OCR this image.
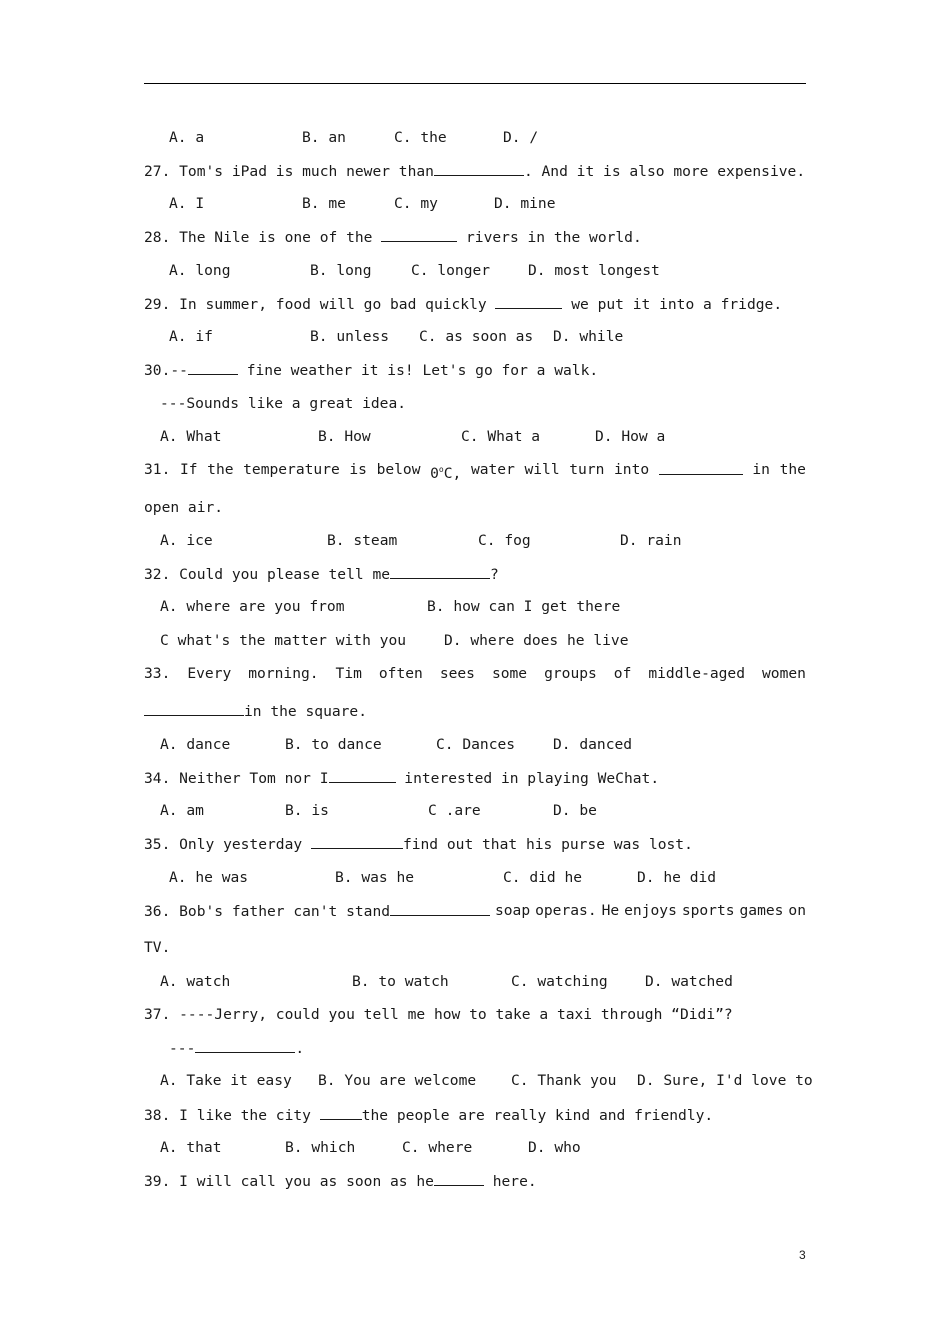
A. a	B. an	C. the	D. /
27. Tom's iPad is much newer than	. And it is also more expensive.
A. I	B. me	C. my	D. mine
28. The Nile is one of the	rivers in the world.
A. long	B. long	C. longer	D. most longest
29. In summer, food will go bad quickly	we put it into a fridge.
A. if	B. unless C. as soon as D. while
30.--	fine weather it is! Let's go for a walk.
---Sounds like a great idea.
A. What	B. How	C. What a	D. How a
31. If the temperature is below 0$^o$C, water will turn into	in the
open air.
A. ice	B. steam	C. fog	D. rain
32. Could you please tell me	?
A. where are you from	B. how can I get there
C what's the matter with you	D. where does he live
33. Every morning. Tim often sees some groups of middle-aged women
in the square.
A. dance	B. to dance	C. Dances	D. danced
34. Neither Tom nor I	interested in playing WeChat.
A. am	B. is	C .are	D. be
35. Only yesterday	find out that his purse was lost.
A. he was	B. was he	C. did he	D. he did
36. Bob's father can't stand	soap operas. He enjoys sports games on
TV.
A. watch	B. to watch	C. watching	D. watched
37. ----Jerry, could you tell me how to take a taxi through “Didi”?
---	.
A. Take it easy B. You are welcome C. Thank you D. Sure, I'd love to
38. I like the city	the people are really kind and friendly.
A. that	B. which	C. where	D. who
39. I will call you as soon as he	here.
3
